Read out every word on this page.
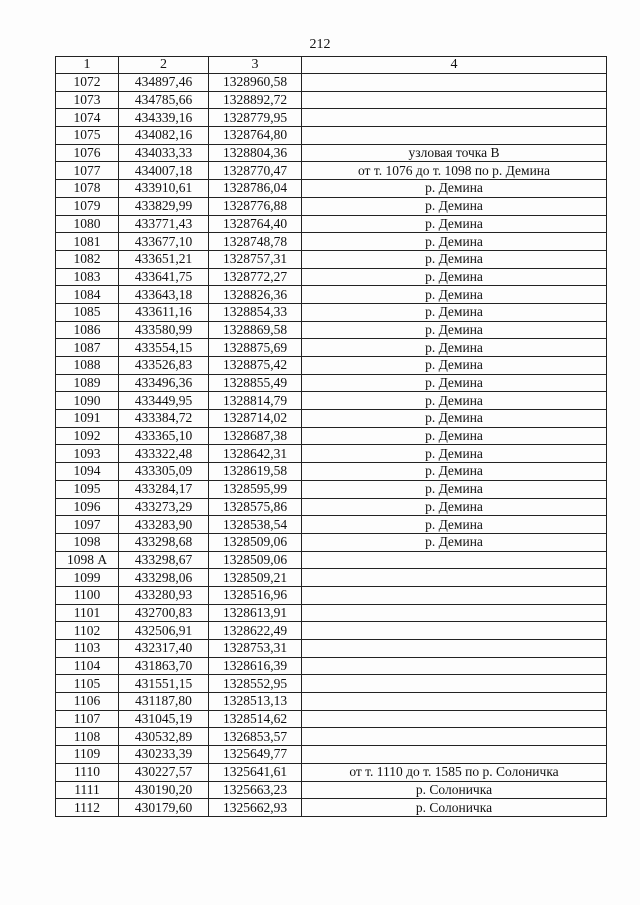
212
1	2	3	4
1072	434897,46	1328960,58	
1073	434785,66	1328892,72	
1074	434339,16	1328779,95	
1075	434082,16	1328764,80	
1076	434033,33	1328804,36	узловая точка В
1077	434007,18	1328770,47	от т. 1076 до т. 1098 по р. Демина
1078	433910,61	1328786,04	р. Демина
1079	433829,99	1328776,88	р. Демина
1080	433771,43	1328764,40	р. Демина
1081	433677,10	1328748,78	р. Демина
1082	433651,21	1328757,31	р. Демина
1083	433641,75	1328772,27	р. Демина
1084	433643,18	1328826,36	р. Демина
1085	433611,16	1328854,33	р. Демина
1086	433580,99	1328869,58	р. Демина
1087	433554,15	1328875,69	р. Демина
1088	433526,83	1328875,42	р. Демина
1089	433496,36	1328855,49	р. Демина
1090	433449,95	1328814,79	р. Демина
1091	433384,72	1328714,02	р. Демина
1092	433365,10	1328687,38	р. Демина
1093	433322,48	1328642,31	р. Демина
1094	433305,09	1328619,58	р. Демина
1095	433284,17	1328595,99	р. Демина
1096	433273,29	1328575,86	р. Демина
1097	433283,90	1328538,54	р. Демина
1098	433298,68	1328509,06	р. Демина
1098 А	433298,67	1328509,06	
1099	433298,06	1328509,21	
1100	433280,93	1328516,96	
1101	432700,83	1328613,91	
1102	432506,91	1328622,49	
1103	432317,40	1328753,31	
1104	431863,70	1328616,39	
1105	431551,15	1328552,95	
1106	431187,80	1328513,13	
1107	431045,19	1328514,62	
1108	430532,89	1326853,57	
1109	430233,39	1325649,77	
1110	430227,57	1325641,61	от т. 1110 до т. 1585 по р. Солоничка
1111	430190,20	1325663,23	р. Солоничка
1112	430179,60	1325662,93	р. Солоничка
